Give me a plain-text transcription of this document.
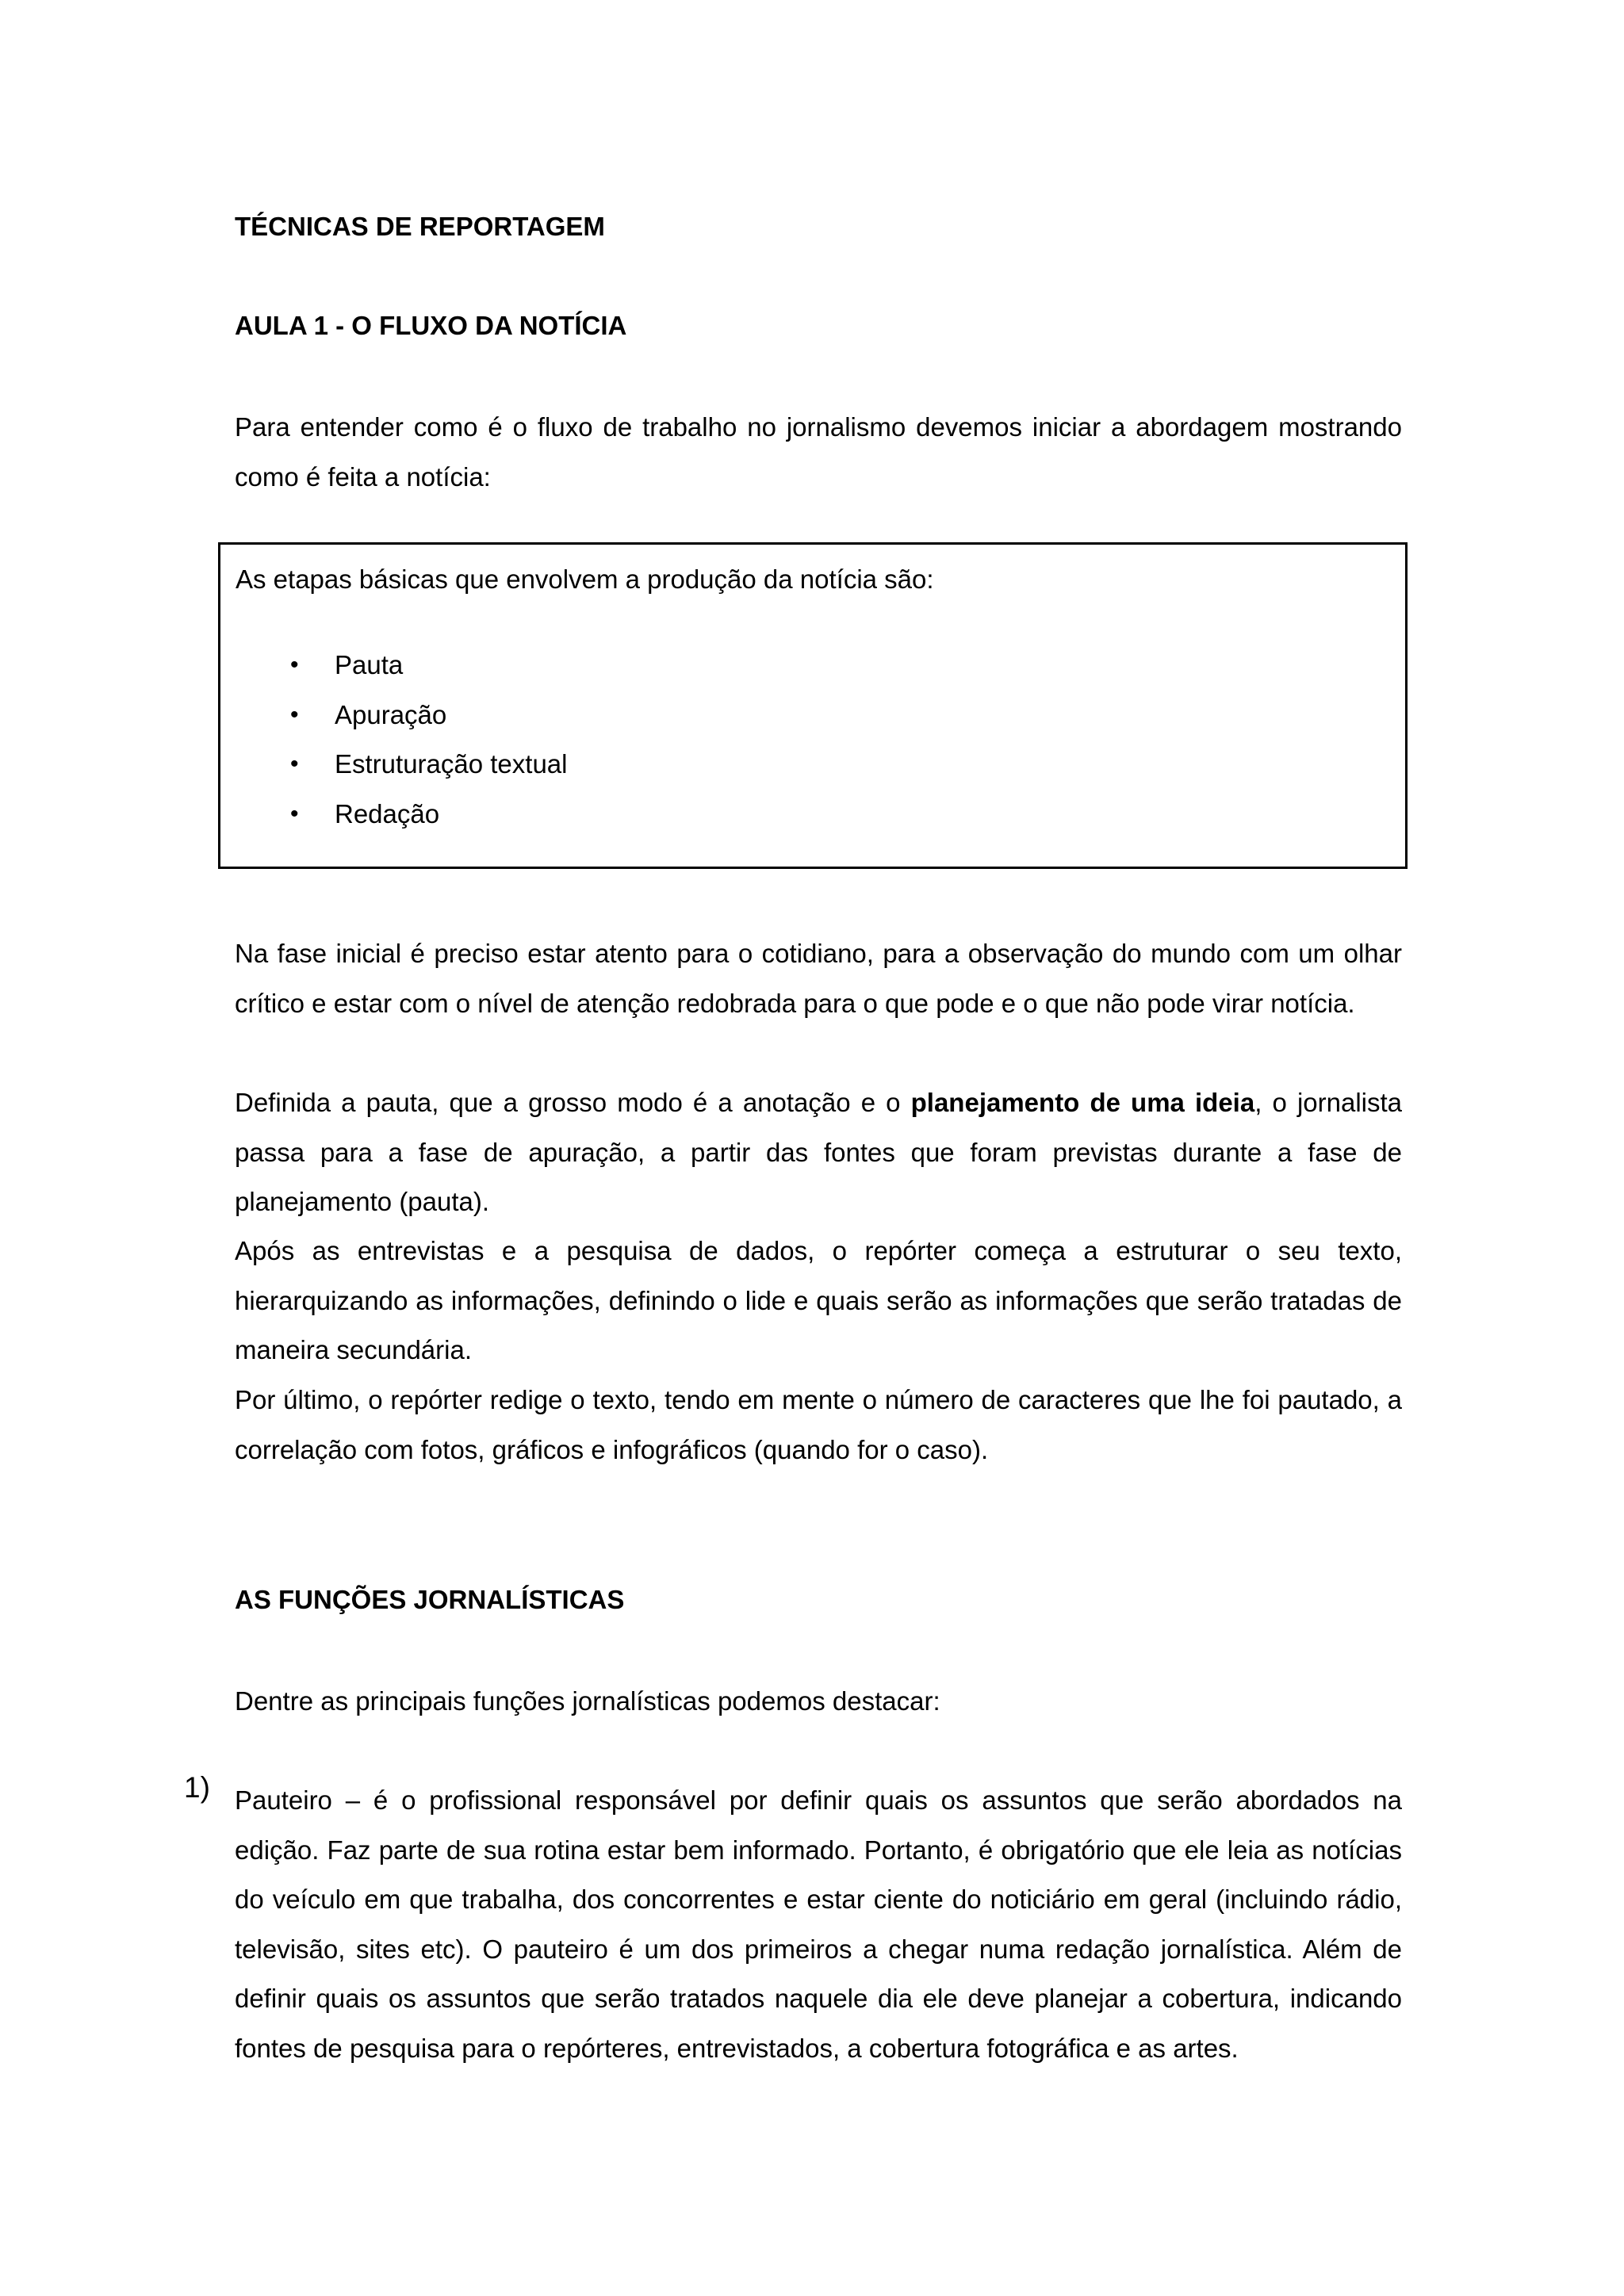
TÉCNICAS DE REPORTAGEM
AULA 1 - O FLUXO DA NOTÍCIA

Para entender como é o fluxo de trabalho no jornalismo devemos iniciar a abordagem mostrando como é feita a notícia:

As etapas básicas que envolvem a produção da notícia são:

• Pauta
• Apuração
• Estruturação textual
• Redação

Na fase inicial é preciso estar atento para o cotidiano, para a observação do mundo com um olhar crítico e estar com o nível de atenção redobrada para o que pode e o que não pode virar notícia.

Definida a pauta, que a grosso modo é a anotação e o planejamento de uma ideia, o jornalista passa para a fase de apuração, a partir das fontes que foram previstas durante a fase de planejamento (pauta).

Após as entrevistas e a pesquisa de dados, o repórter começa a estruturar o seu texto, hierarquizando as informações, definindo o lide e quais serão as informações que serão tratadas de maneira secundária.

Por último, o repórter redige o texto, tendo em mente o número de caracteres que lhe foi pautado, a correlação com fotos, gráficos e infográficos (quando for o caso).

AS FUNÇÕES JORNALÍSTICAS

Dentre as principais funções jornalísticas podemos destacar:

1) Pauteiro – é o profissional responsável por definir quais os assuntos que serão abordados na edição. Faz parte de sua rotina estar bem informado. Portanto, é obrigatório que ele leia as notícias do veículo em que trabalha, dos concorrentes e estar ciente do noticiário em geral (incluindo rádio, televisão, sites etc). O pauteiro é um dos primeiros a chegar numa redação jornalística. Além de definir quais os assuntos que serão tratados naquele dia ele deve planejar a cobertura, indicando fontes de pesquisa para o repórteres, entrevistados, a cobertura fotográfica e as artes.
